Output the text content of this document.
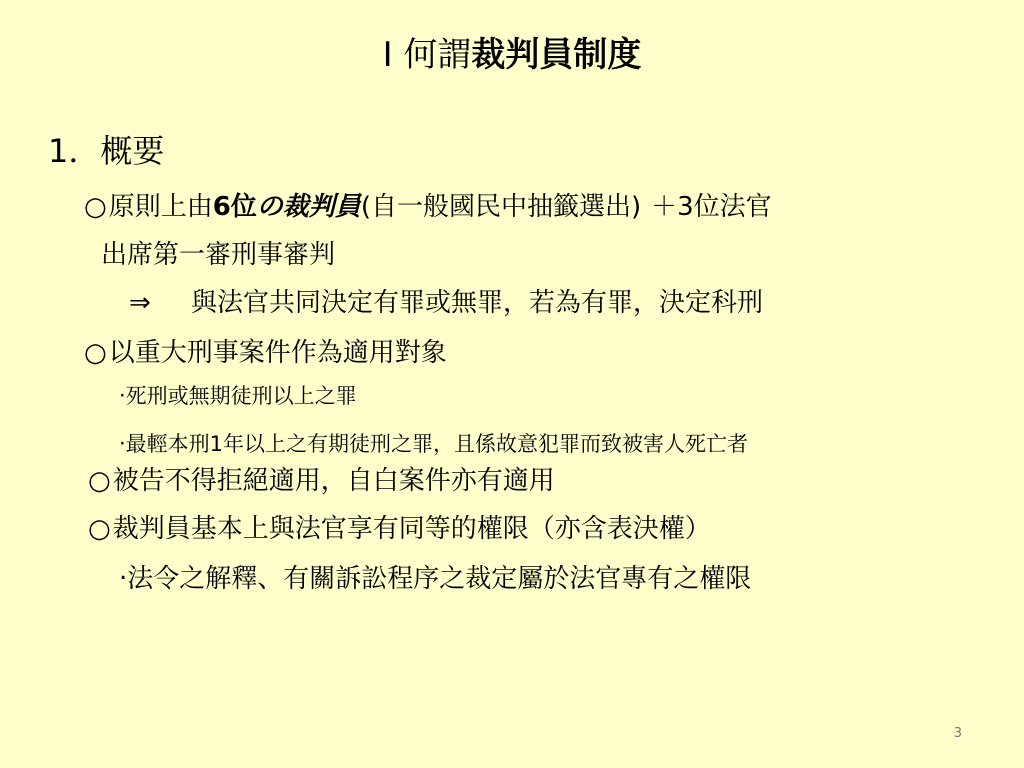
Ⅰ 何謂裁判員制度
1．概要
○原則上由6位の裁判員(自一般國民中抽籤選出) ＋3位法官
出席第一審刑事審判
⇒ 與法官共同決定有罪或無罪，若為有罪，決定科刑
○以重大刑事案件作為適用對象
‧死刑或無期徒刑以上之罪
‧最輕本刑1年以上之有期徒刑之罪，且係故意犯罪而致被害人死亡者
○被告不得拒絕適用，自白案件亦有適用
○裁判員基本上與法官享有同等的權限（亦含表決權）
‧法令之解釋、有關訴訟程序之裁定屬於法官專有之權限
3
